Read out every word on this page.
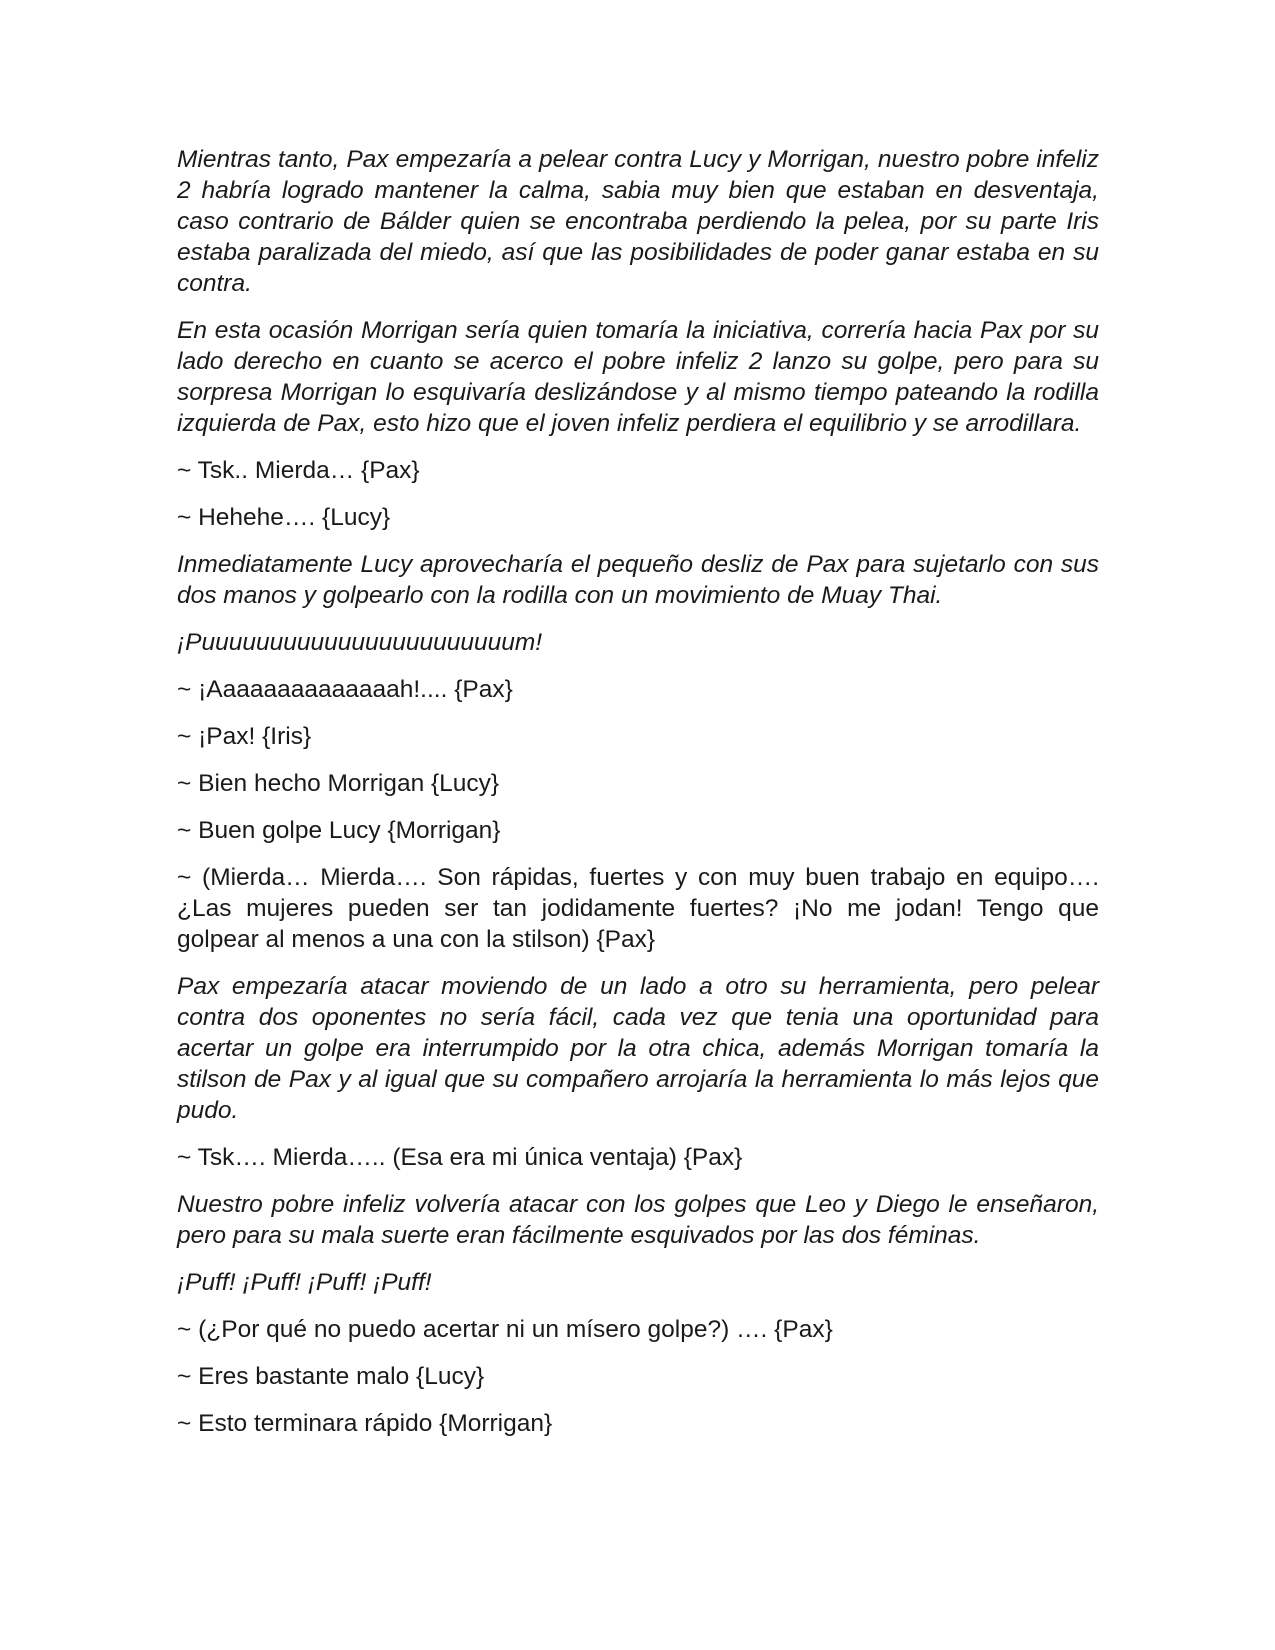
Mientras tanto, Pax empezaría a pelear contra Lucy y Morrigan, nuestro pobre infeliz 2 habría logrado mantener la calma, sabia muy bien que estaban en desventaja, caso contrario de Bálder quien se encontraba perdiendo la pelea, por su parte Iris estaba paralizada del miedo, así que las posibilidades de poder ganar estaba en su contra.

En esta ocasión Morrigan sería quien tomaría la iniciativa, correría hacia Pax por su lado derecho en cuanto se acerco el pobre infeliz 2 lanzo su golpe, pero para su sorpresa Morrigan lo esquivaría deslizándose y al mismo tiempo pateando la rodilla izquierda de Pax, esto hizo que el joven infeliz perdiera el equilibrio y se arrodillara.

~ Tsk.. Mierda… {Pax}

~ Hehehe…. {Lucy}

Inmediatamente Lucy aprovecharía el pequeño desliz de Pax para sujetarlo con sus dos manos y golpearlo con la rodilla con un movimiento de Muay Thai.

¡Puuuuuuuuuuuuuuuuuuuuuuum!

~ ¡Aaaaaaaaaaaaaah!.... {Pax}

~ ¡Pax! {Iris}

~ Bien hecho Morrigan {Lucy}

~ Buen golpe Lucy {Morrigan}

~ (Mierda… Mierda…. Son rápidas, fuertes y con muy buen trabajo en equipo…. ¿Las mujeres pueden ser tan jodidamente fuertes? ¡No me jodan! Tengo que golpear al menos a una con la stilson) {Pax}

Pax empezaría atacar moviendo de un lado a otro su herramienta, pero pelear contra dos oponentes no sería fácil, cada vez que tenia una oportunidad para acertar un golpe era interrumpido por la otra chica, además Morrigan tomaría la stilson de Pax y al igual que su compañero arrojaría la herramienta lo más lejos que pudo.

~ Tsk…. Mierda….. (Esa era mi única ventaja) {Pax}

Nuestro pobre infeliz volvería atacar con los golpes que Leo y Diego le enseñaron, pero para su mala suerte eran fácilmente esquivados por las dos féminas.

¡Puff! ¡Puff! ¡Puff! ¡Puff!

~ (¿Por qué no puedo acertar ni un mísero golpe?) …. {Pax}

~ Eres bastante malo {Lucy}

~ Esto terminara rápido {Morrigan}
